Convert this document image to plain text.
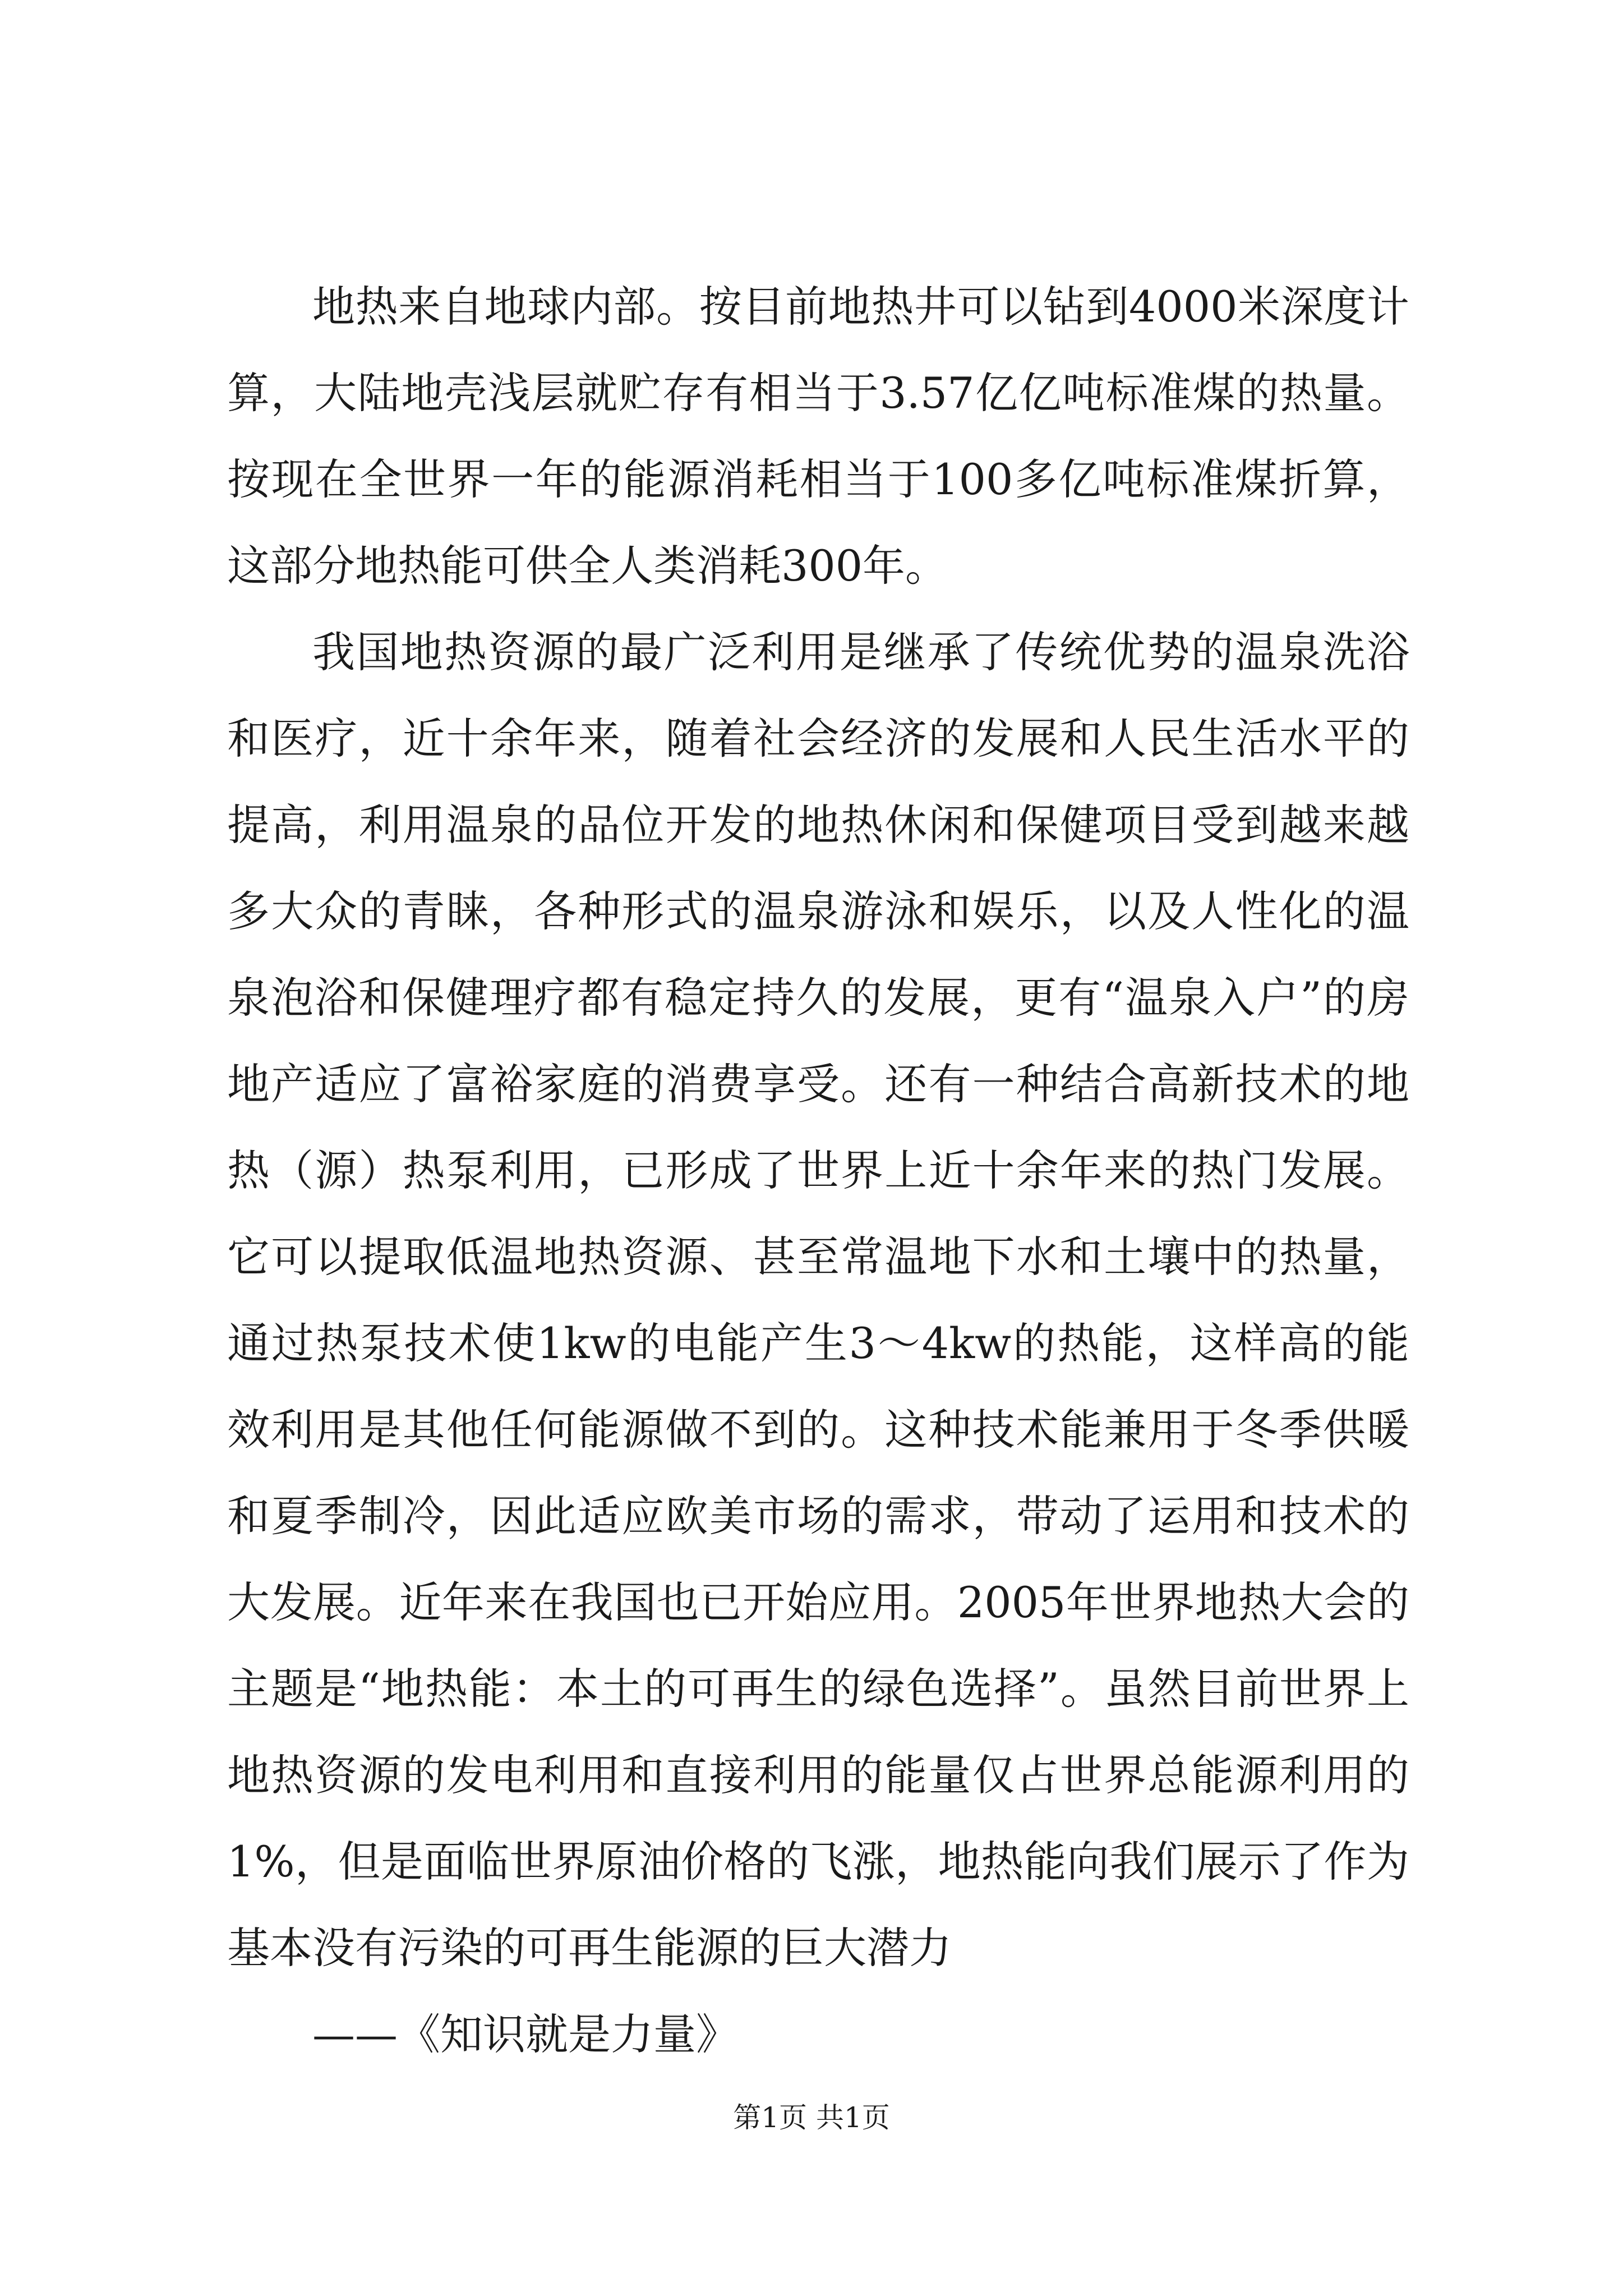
地热来自地球内部。按目前地热井可以钻到4000米深度计算，大陆地壳浅层就贮存有相当于3.57亿亿吨标准煤的热量。按现在全世界一年的能源消耗相当于100多亿吨标准煤折算，这部分地热能可供全人类消耗300年。

我国地热资源的最广泛利用是继承了传统优势的温泉洗浴和医疗，近十余年来，随着社会经济的发展和人民生活水平的提高，利用温泉的品位开发的地热休闲和保健项目受到越来越多大众的青睐，各种形式的温泉游泳和娱乐，以及人性化的温泉泡浴和保健理疗都有稳定持久的发展，更有“温泉入户”的房地产适应了富裕家庭的消费享受。还有一种结合高新技术的地热（源）热泵利用，已形成了世界上近十余年来的热门发展。它可以提取低温地热资源、甚至常温地下水和土壤中的热量，通过热泵技术使1kw的电能产生3～4kw的热能，这样高的能效利用是其他任何能源做不到的。这种技术能兼用于冬季供暖和夏季制冷，因此适应欧美市场的需求，带动了运用和技术的大发展。近年来在我国也已开始应用。2005年世界地热大会的主题是“地热能：本土的可再生的绿色选择”。虽然目前世界上地热资源的发电利用和直接利用的能量仅占世界总能源利用的1%，但是面临世界原油价格的飞涨，地热能向我们展示了作为基本没有污染的可再生能源的巨大潜力

——《知识就是力量》

第1页 共1页
